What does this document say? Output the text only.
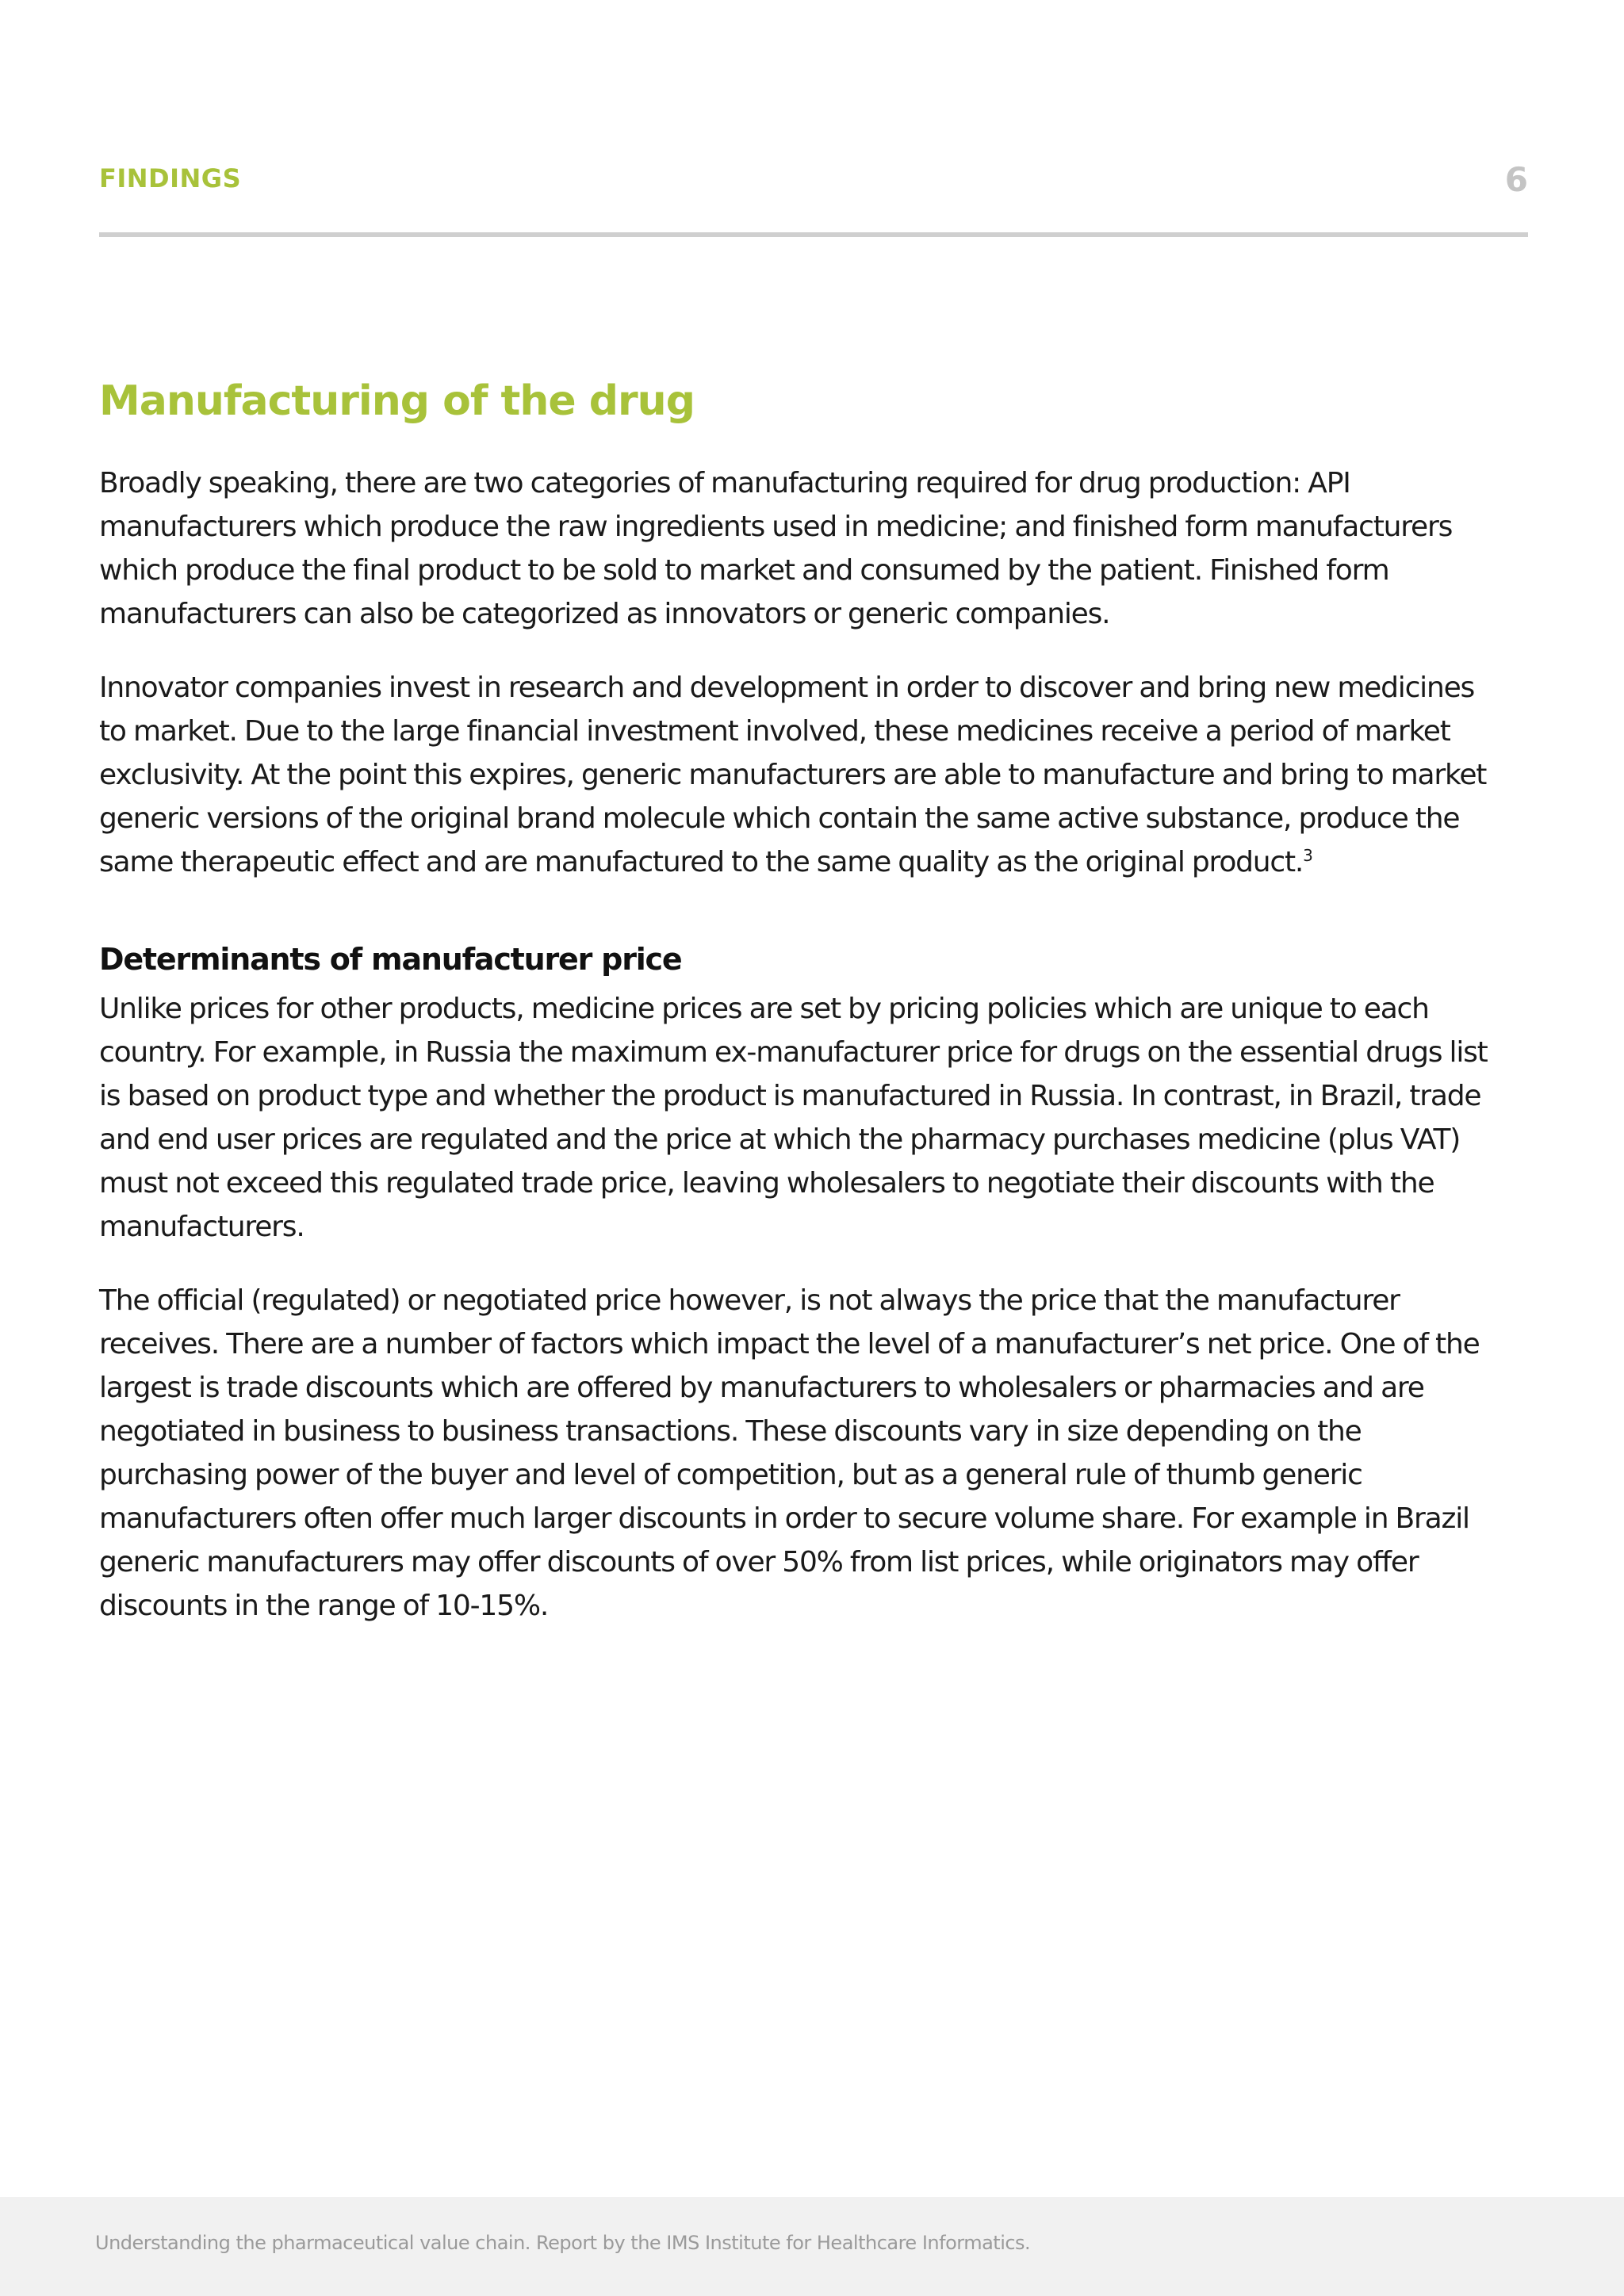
FINDINGS	6
Manufacturing of the drug

Broadly speaking, there are two categories of manufacturing required for drug production: API manufacturers which produce the raw ingredients used in medicine; and finished form manufacturers which produce the final product to be sold to market and consumed by the patient. Finished form manufacturers can also be categorized as innovators or generic companies.

Innovator companies invest in research and development in order to discover and bring new medicines to market. Due to the large financial investment involved, these medicines receive a period of market exclusivity. At the point this expires, generic manufacturers are able to manufacture and bring to market generic versions of the original brand molecule which contain the same active substance, produce the same therapeutic effect and are manufactured to the same quality as the original product.$^3$

Determinants of manufacturer price

Unlike prices for other products, medicine prices are set by pricing policies which are unique to each country. For example, in Russia the maximum ex-manufacturer price for drugs on the essential drugs list is based on product type and whether the product is manufactured in Russia. In contrast, in Brazil, trade and end user prices are regulated and the price at which the pharmacy purchases medicine (plus VAT) must not exceed this regulated trade price, leaving wholesalers to negotiate their discounts with the manufacturers.

The official (regulated) or negotiated price however, is not always the price that the manufacturer receives. There are a number of factors which impact the level of a manufacturer’s net price. One of the largest is trade discounts which are offered by manufacturers to wholesalers or pharmacies and are negotiated in business to business transactions. These discounts vary in size depending on the purchasing power of the buyer and level of competition, but as a general rule of thumb generic manufacturers often offer much larger discounts in order to secure volume share. For example in Brazil generic manufacturers may offer discounts of over 50% from list prices, while originators may offer discounts in the range of 10-15%.

Understanding the pharmaceutical value chain. Report by the IMS Institute for Healthcare Informatics.
